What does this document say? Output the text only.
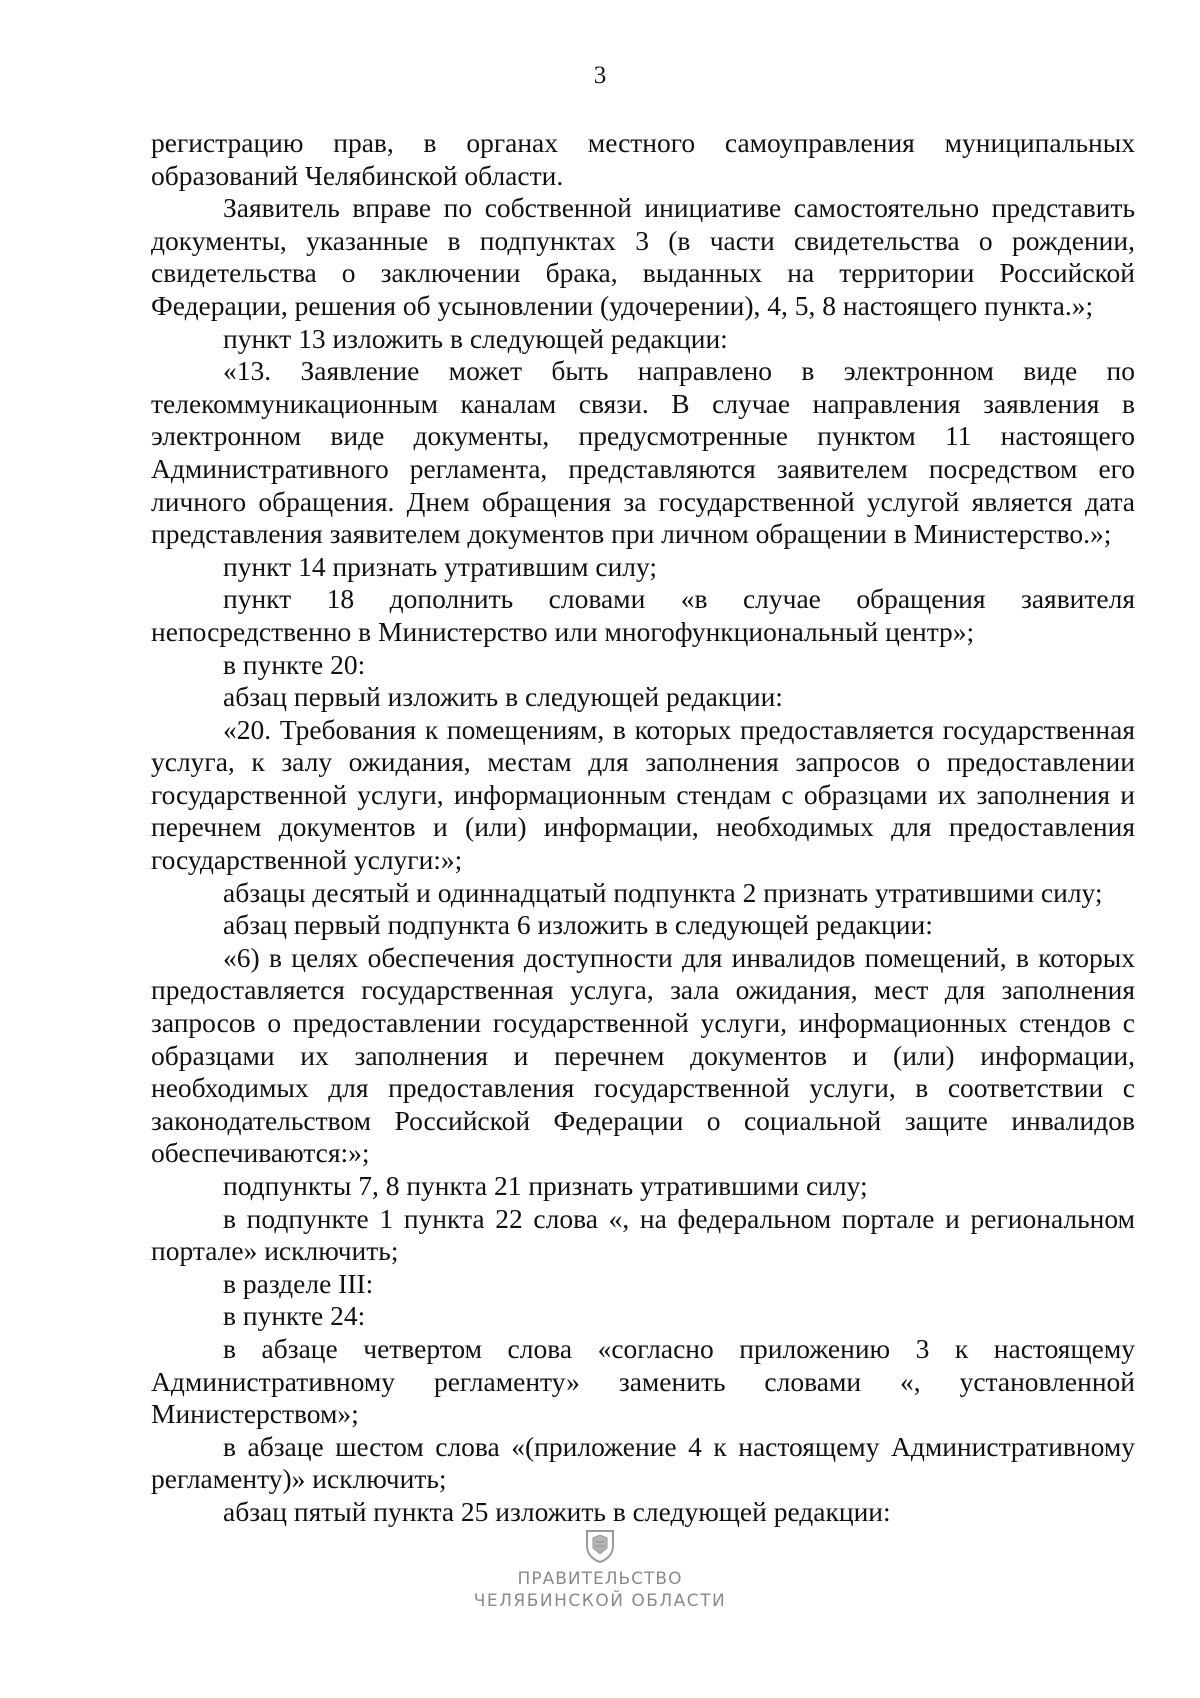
3

регистрацию прав, в органах местного самоуправления муниципальных образований Челябинской области.

Заявитель вправе по собственной инициативе самостоятельно представить документы, указанные в подпунктах 3 (в части свидетельства о рождении, свидетельства о заключении брака, выданных на территории Российской Федерации, решения об усыновлении (удочерении), 4, 5, 8 настоящего пункта.»;

пункт 13 изложить в следующей редакции:

«13. Заявление может быть направлено в электронном виде по телекоммуникационным каналам связи. В случае направления заявления в электронном виде документы, предусмотренные пунктом 11 настоящего Административного регламента, представляются заявителем посредством его личного обращения. Днем обращения за государственной услугой является дата представления заявителем документов при личном обращении в Министерство.»;

пункт 14 признать утратившим силу;

пункт 18 дополнить словами «в случае обращения заявителя непосредственно в Министерство или многофункциональный центр»;

в пункте 20:

абзац первый изложить в следующей редакции:

«20. Требования к помещениям, в которых предоставляется государственная услуга, к залу ожидания, местам для заполнения запросов о предоставлении государственной услуги, информационным стендам с образцами их заполнения и перечнем документов и (или) информации, необходимых для предоставления государственной услуги:»;

абзацы десятый и одиннадцатый подпункта 2 признать утратившими силу;

абзац первый подпункта 6 изложить в следующей редакции:

«6) в целях обеспечения доступности для инвалидов помещений, в которых предоставляется государственная услуга, зала ожидания, мест для заполнения запросов о предоставлении государственной услуги, информационных стендов с образцами их заполнения и перечнем документов и (или) информации, необходимых для предоставления государственной услуги, в соответствии с законодательством Российской Федерации о социальной защите инвалидов обеспечиваются:»;

подпункты 7, 8 пункта 21 признать утратившими силу;

в подпункте 1 пункта 22 слова «, на федеральном портале и региональном портале» исключить;

в разделе III:

в пункте 24:

в абзаце четвертом слова «согласно приложению 3 к настоящему Административному регламенту» заменить словами «, установленной Министерством»;

в абзаце шестом слова «(приложение 4 к настоящему Административному регламенту)» исключить;

абзац пятый пункта 25 изложить в следующей редакции:

ПРАВИТЕЛЬСТВО
ЧЕЛЯБИНСКОЙ ОБЛАСТИ
